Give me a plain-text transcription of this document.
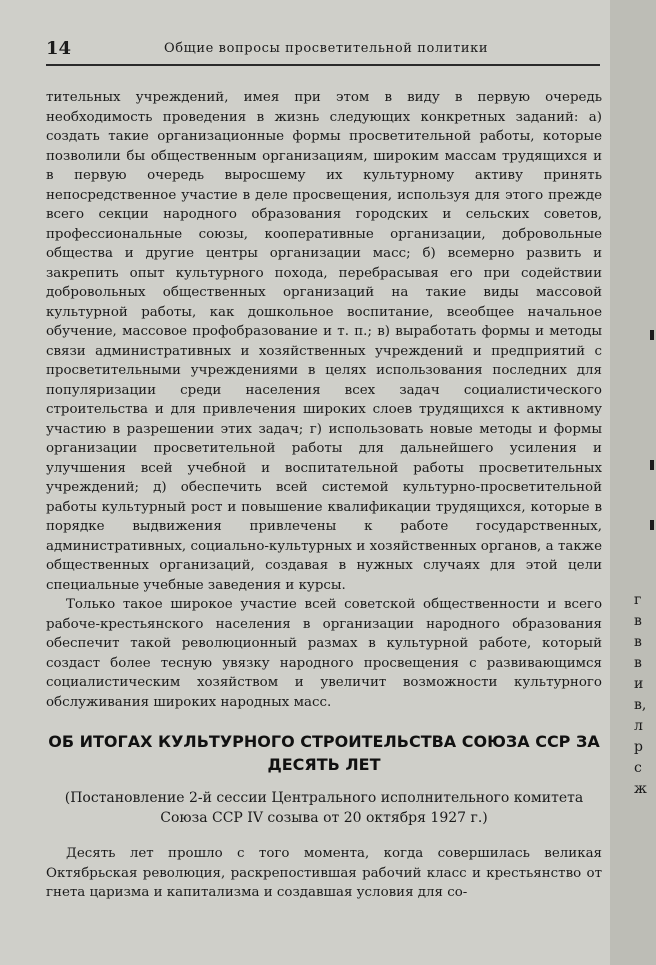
14	Общие вопросы просветительной политики

тительных учреждений, имея при этом в виду в первую очередь необходимость проведения в жизнь следующих конкретных заданий: а) создать такие организационные формы просветительной работы, которые позволили бы общественным организациям, широким массам трудящихся и в первую очередь выросшему их культурному активу принять непосредственное участие в деле просвещения, используя для этого прежде всего секции народного образования городских и сельских советов, профессиональные союзы, кооперативные организации, добровольные общества и другие центры организации масс; б) всемерно развить и закрепить опыт культурного похода, перебрасывая его при содействии добровольных общественных организаций на такие виды массовой культурной работы, как дошкольное воспитание, всеобщее начальное обучение, массовое профобразование и т. п.; в) выработать формы и методы связи административных и хозяйственных учреждений и предприятий с просветительными учреждениями в целях использования последних для популяризации среди населения всех задач социалистического строительства и для привлечения широких слоев трудящихся к активному участию в разрешении этих задач; г) использовать новые методы и формы организации просветительной работы для дальнейшего усиления и улучшения всей учебной и воспитательной работы просветительных учреждений; д) обеспечить всей системой культурно-просветительной работы культурный рост и повышение квалификации трудящихся, которые в порядке выдвижения привлечены к работе государственных, административных, социально-культурных и хозяйственных органов, а также общественных организаций, создавая в нужных случаях для этой цели специальные учебные заведения и курсы.

Только такое широкое участие всей советской общественности и всего рабоче-крестьянского населения в организации народного образования обеспечит такой революционный размах в культурной работе, который создаст более тесную увязку народного просвещения с развивающимся социалистическим хозяйством и увеличит возможности культурного обслуживания широких народных масс.

ОБ ИТОГАХ КУЛЬТУРНОГО СТРОИТЕЛЬСТВА СОЮЗА ССР ЗА
ДЕСЯТЬ ЛЕТ
(Постановление 2-й сессии Центрального исполнительного комитета
Союза ССР IV созыва от 20 октября 1927 г.)

Десять лет прошло с того момента, когда совершилась великая Октябрьская революция, раскрепостившая рабочий класс и крестьянство от гнета царизма и капитализма и создавшая условия для со-

г
в
в
в
и
в,
л
р
с
ж
